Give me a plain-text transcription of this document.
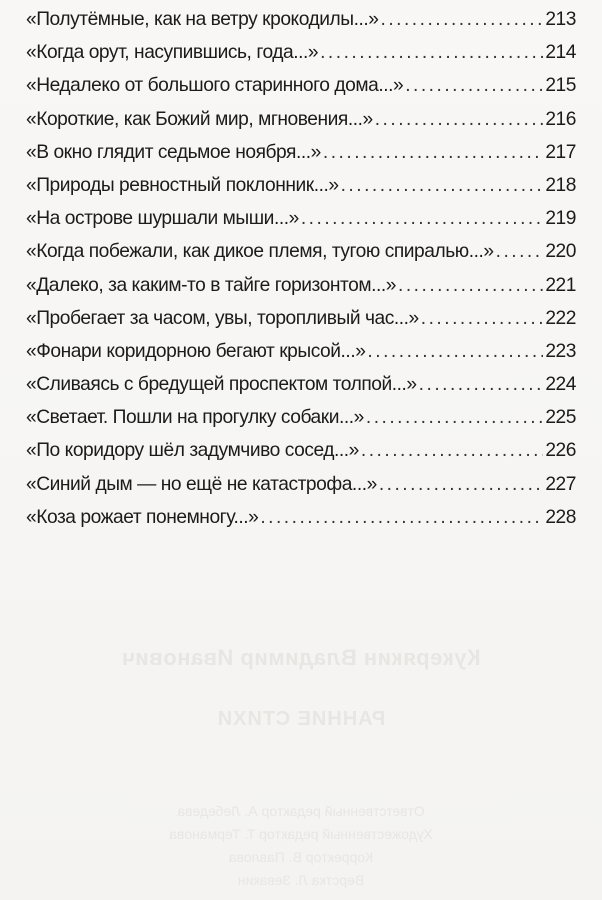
«Полутёмные, как на ветру крокодилы...» .....	213
«Когда орут, насупившись, года...» .....	214
«Недалеко от большого старинного дома...» .....	215
«Короткие, как Божий мир, мгновения...» .....	216
«В окно глядит седьмое ноября...» .....	217
«Природы ревностный поклонник...» .....	218
«На острове шуршали мыши...» .....	219
«Когда побежали, как дикое племя, тугою спиралью...» .....	220
«Далеко, за каким-то в тайге горизонтом...» .....	221
«Пробегает за часом, увы, торопливый час...» .....	222
«Фонари коридорною бегают крысой...» .....	223
«Сливаясь с бредущей проспектом толпой...» .....	224
«Светает. Пошли на прогулку собаки...» .....	225
«По коридору шёл задумчиво сосед...» .....	226
«Синий дым — но ещё не катастрофа...» .....	227
«Коза рожает понемногу...» .....	228
Кукерякин Владимир Иванович
РАННИЕ СТИХИ
Ответственный редактор А. Лебедева
Художественный редактор Т. Терманова
Корректор В. Павлова
Верстка Л. Зевакин
